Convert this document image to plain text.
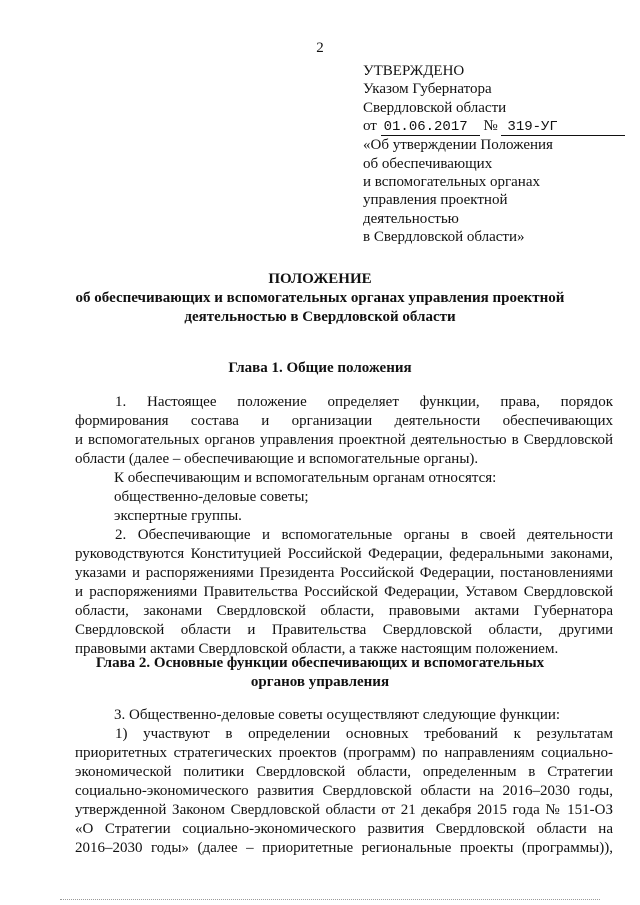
2
УТВЕРЖДЕНО
Указом Губернатора
Свердловской области
от 01.06.2017 № 319-УГ
«Об утверждении Положения
об обеспечивающих
и вспомогательных органах
управления проектной
деятельностью
в Свердловской области»
ПОЛОЖЕНИЕ
об обеспечивающих и вспомогательных органах управления проектной
деятельностью в Свердловской области
Глава 1. Общие положения
1. Настоящее положение определяет функции, права, порядок
формирования состава и организации деятельности обеспечивающих
и вспомогательных органов управления проектной деятельностью в Свердловской
области (далее – обеспечивающие и вспомогательные органы).
К обеспечивающим и вспомогательным органам относятся:
общественно-деловые советы;
экспертные группы.
2. Обеспечивающие и вспомогательные органы в своей деятельности
руководствуются Конституцией Российской Федерации, федеральными законами,
указами и распоряжениями Президента Российской Федерации, постановлениями
и распоряжениями Правительства Российской Федерации, Уставом Свердловской
области, законами Свердловской области, правовыми актами Губернатора
Свердловской области и Правительства Свердловской области, другими
правовыми актами Свердловской области, а также настоящим положением.
Глава 2. Основные функции обеспечивающих и вспомогательных
органов управления
3. Общественно-деловые советы осуществляют следующие функции:
1) участвуют в определении основных требований к результатам
приоритетных стратегических проектов (программ) по направлениям социально-
экономической политики Свердловской области, определенным в Стратегии
социально-экономического развития Свердловской области на 2016–2030 годы,
утвержденной Законом Свердловской области от 21 декабря 2015 года № 151-ОЗ
«О Стратегии социально-экономического развития Свердловской области на
2016–2030 годы» (далее – приоритетные региональные проекты (программы)),
